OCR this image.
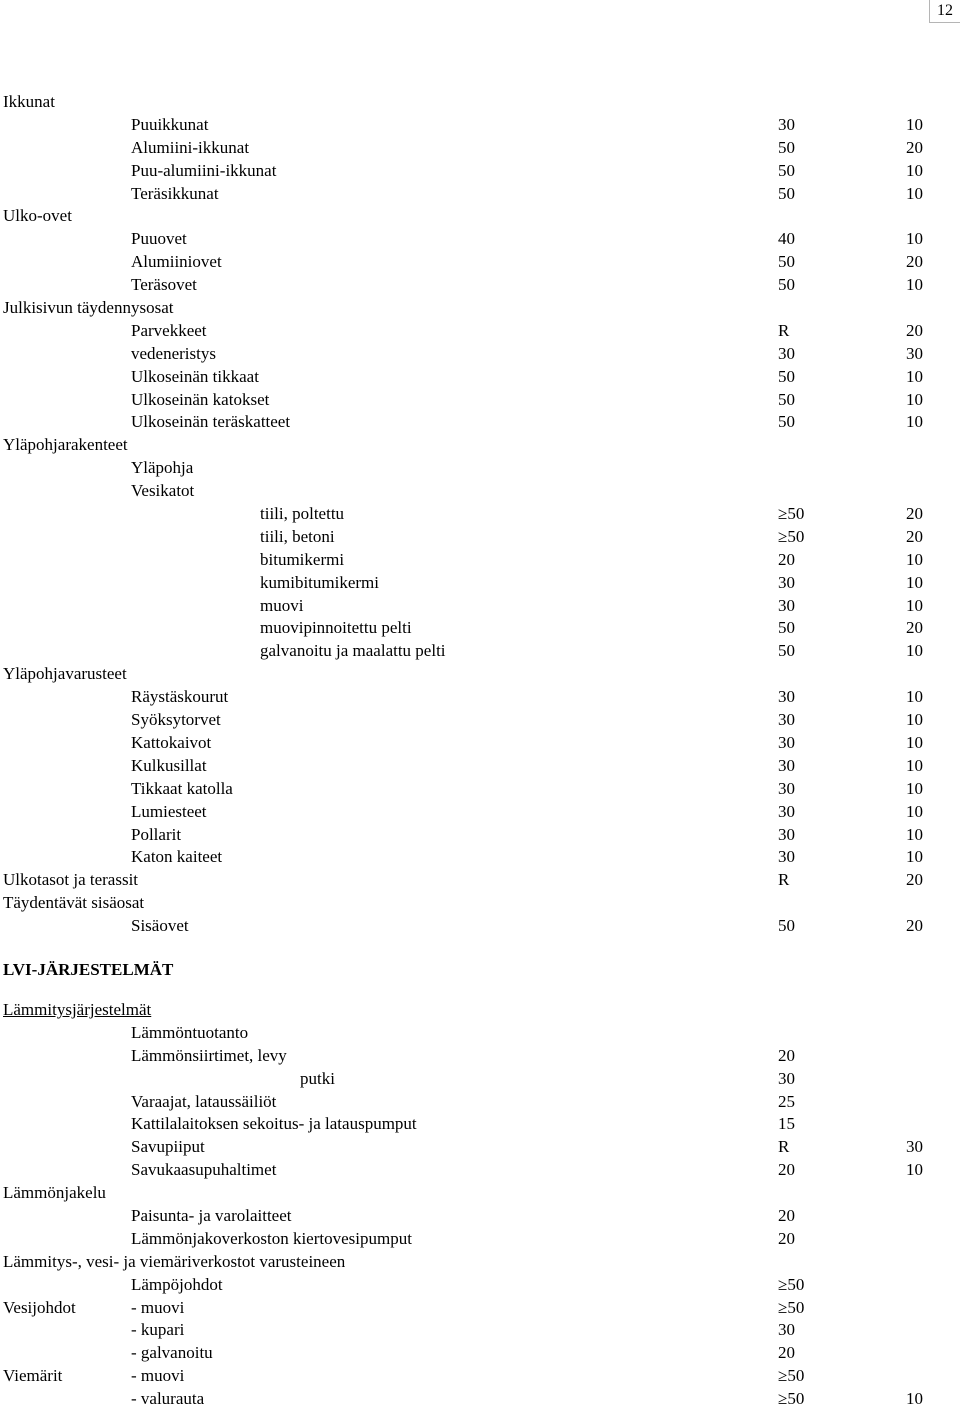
12
Ikkunat
Puuikkunat	30	10
Alumiini-ikkunat	50	20
Puu-alumiini-ikkunat	50	10
Teräsikkunat	50	10
Ulko-ovet
Puuovet	40	10
Alumiiniovet	50	20
Teräsovet	50	10
Julkisivun täydennysosat
Parvekkeet	R	20
vedeneristys	30	30
Ulkoseinän tikkaat	50	10
Ulkoseinän katokset	50	10
Ulkoseinän teräskatteet	50	10
Yläpohjarakenteet
Yläpohja
Vesikatot
tiili, poltettu	≥50	20
tiili, betoni	≥50	20
bitumikermi	20	10
kumibitumikermi	30	10
muovi	30	10
muovipinnoitettu pelti	50	20
galvanoitu ja maalattu pelti	50	10
Yläpohjavarusteet
Räystäskourut	30	10
Syöksytorvet	30	10
Kattokaivot	30	10
Kulkusillat	30	10
Tikkaat katolla	30	10
Lumiesteet	30	10
Pollarit	30	10
Katon kaiteet	30	10
Ulkotasot ja terassit	R	20
Täydentävät sisäosat
Sisäovet	50	20
LVI-JÄRJESTELMÄT
Lämmitysjärjestelmät
Lämmöntuotanto
Lämmönsiirtimet, levy	20
putki	30
Varaajat, lataussäiliöt	25
Kattilalaitoksen sekoitus- ja latauspumput	15
Savupiiput	R	30
Savukaasupuhaltimet	20	10
Lämmönjakelu
Paisunta- ja varolaitteet	20
Lämmönjakoverkoston kiertovesipumput	20
Lämmitys-, vesi- ja viemäriverkostot varusteineen
Lämpöjohdot	≥50
Vesijohdot	- muovi	≥50
- kupari	30
- galvanoitu	20
Viemärit	- muovi	≥50
- valurauta	≥50	10
